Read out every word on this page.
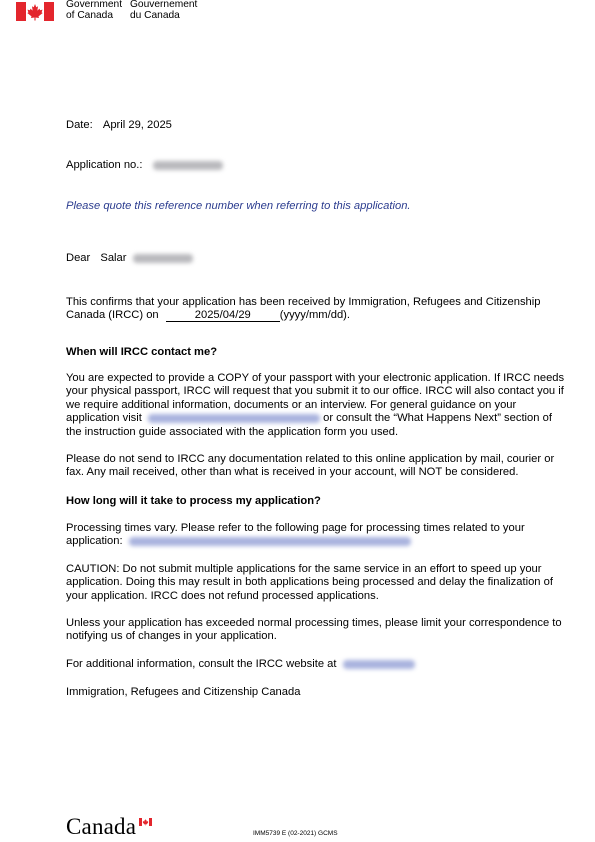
Government
of Canada
Gouvernement
du Canada
Date: April 29, 2025
Application no.:
Please quote this reference number when referring to this application.
Dear Salar
This confirms that your application has been received by Immigration, Refugees and Citizenship Canada (IRCC) on	2025/04/29	(yyyy/mm/dd).
When will IRCC contact me?
You are expected to provide a COPY of your passport with your electronic application. If IRCC needs your physical passport, IRCC will request that you submit it to our office. IRCC will also contact you if we require additional information, documents or an interview. For general guidance on your application visit	or consult the “What Happens Next” section of the instruction guide associated with the application form you used.
Please do not send to IRCC any documentation related to this online application by mail, courier or fax. Any mail received, other than what is received in your account, will NOT be considered.
How long will it take to process my application?
Processing times vary. Please refer to the following page for processing times related to your application:
CAUTION: Do not submit multiple applications for the same service in an effort to speed up your application. Doing this may result in both applications being processed and delay the finalization of your application. IRCC does not refund processed applications.
Unless your application has exceeded normal processing times, please limit your correspondence to notifying us of changes in your application.
For additional information, consult the IRCC website at
Immigration, Refugees and Citizenship Canada
Canada	IMM5739 E (02-2021) GCMS
